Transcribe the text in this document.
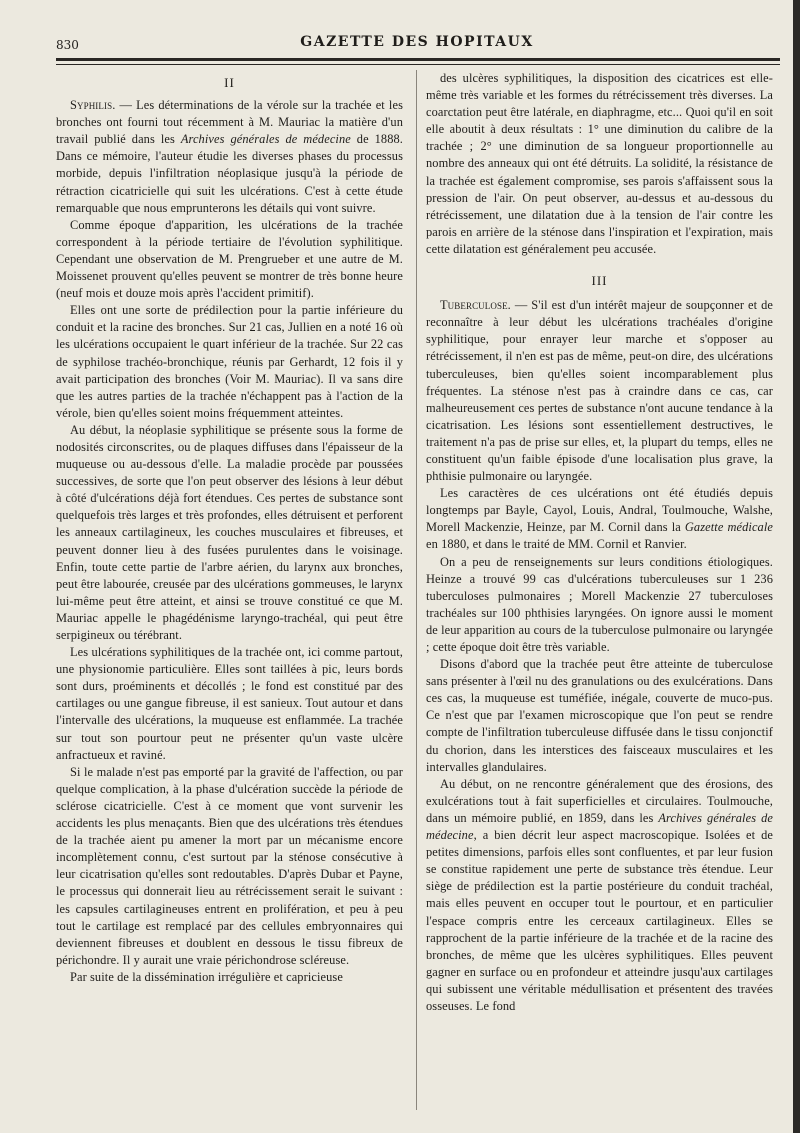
830	GAZETTE DES HOPITAUX
II

Syphilis. — Les déterminations de la vérole sur la trachée et les bronches ont fourni tout récemment à M. Mauriac la matière d'un travail publié dans les Archives générales de médecine de 1888. Dans ce mémoire, l'auteur étudie les diverses phases du processus morbide, depuis l'infiltration néoplasique jusqu'à la période de rétraction cicatricielle qui suit les ulcérations. C'est à cette étude remarquable que nous emprunterons les détails qui vont suivre.

Comme époque d'apparition, les ulcérations de la trachée correspondent à la période tertiaire de l'évolution syphilitique. Cependant une observation de M. Prengrueber et une autre de M. Moissenet prouvent qu'elles peuvent se montrer de très bonne heure (neuf mois et douze mois après l'accident primitif).

Elles ont une sorte de prédilection pour la partie inférieure du conduit et la racine des bronches. Sur 21 cas, Jullien en a noté 16 où les ulcérations occupaient le quart inférieur de la trachée. Sur 22 cas de syphilose trachéo-bronchique, réunis par Gerhardt, 12 fois il y avait participation des bronches (Voir M. Mauriac). Il va sans dire que les autres parties de la trachée n'échappent pas à l'action de la vérole, bien qu'elles soient moins fréquemment atteintes.

Au début, la néoplasie syphilitique se présente sous la forme de nodosités circonscrites, ou de plaques diffuses dans l'épaisseur de la muqueuse ou au-dessous d'elle. La maladie procède par poussées successives, de sorte que l'on peut observer des lésions à leur début à côté d'ulcérations déjà fort étendues. Ces pertes de substance sont quelquefois très larges et très profondes, elles détruisent et perforent les anneaux cartilagineux, les couches musculaires et fibreuses, et peuvent donner lieu à des fusées purulentes dans le voisinage. Enfin, toute cette partie de l'arbre aérien, du larynx aux bronches, peut être labourée, creusée par des ulcérations gommeuses, le larynx lui-même peut être atteint, et ainsi se trouve constitué ce que M. Mauriac appelle le phagédénisme laryngo-trachéal, qui peut être serpigineux ou térébrant.

Les ulcérations syphilitiques de la trachée ont, ici comme partout, une physionomie particulière. Elles sont taillées à pic, leurs bords sont durs, proéminents et décollés ; le fond est constitué par des cartilages ou une gangue fibreuse, il est sanieux. Tout autour et dans l'intervalle des ulcérations, la muqueuse est enflammée. La trachée sur tout son pourtour peut ne présenter qu'un vaste ulcère anfractueux et raviné.

Si le malade n'est pas emporté par la gravité de l'affection, ou par quelque complication, à la phase d'ulcération succède la période de sclérose cicatricielle. C'est à ce moment que vont survenir les accidents les plus menaçants. Bien que des ulcérations très étendues de la trachée aient pu amener la mort par un mécanisme encore incomplètement connu, c'est surtout par la sténose consécutive à leur cicatrisation qu'elles sont redoutables. D'après Dubar et Payne, le processus qui donnerait lieu au rétrécissement serait le suivant : les capsules cartilagineuses entrent en prolifération, et peu à peu tout le cartilage est remplacé par des cellules embryonnaires qui deviennent fibreuses et doublent en dessous le tissu fibreux de périchondre. Il y aurait une vraie périchondrose scléreuse.

Par suite de la dissémination irrégulière et capricieuse

des ulcères syphilitiques, la disposition des cicatrices est elle-même très variable et les formes du rétrécissement très diverses. La coarctation peut être latérale, en diaphragme, etc... Quoi qu'il en soit elle aboutit à deux résultats : 1° une diminution du calibre de la trachée ; 2° une diminution de sa longueur proportionnelle au nombre des anneaux qui ont été détruits. La solidité, la résistance de la trachée est également compromise, ses parois s'affaissent sous la pression de l'air. On peut observer, au-dessus et au-dessous du rétrécissement, une dilatation due à la tension de l'air contre les parois en arrière de la sténose dans l'inspiration et l'expiration, mais cette dilatation est généralement peu accusée.

III

Tuberculose. — S'il est d'un intérêt majeur de soupçonner et de reconnaître à leur début les ulcérations trachéales d'origine syphilitique, pour enrayer leur marche et s'opposer au rétrécissement, il n'en est pas de même, peut-on dire, des ulcérations tuberculeuses, bien qu'elles soient incomparablement plus fréquentes. La sténose n'est pas à craindre dans ce cas, car malheureusement ces pertes de substance n'ont aucune tendance à la cicatrisation. Les lésions sont essentiellement destructives, le traitement n'a pas de prise sur elles, et, la plupart du temps, elles ne constituent qu'un faible épisode d'une localisation plus grave, la phthisie pulmonaire ou laryngée.

Les caractères de ces ulcérations ont été étudiés depuis longtemps par Bayle, Cayol, Louis, Andral, Toulmouche, Walshe, Morell Mackenzie, Heinze, par M. Cornil dans la Gazette médicale en 1880, et dans le traité de MM. Cornil et Ranvier.

On a peu de renseignements sur leurs conditions étiologiques. Heinze a trouvé 99 cas d'ulcérations tuberculeuses sur 1 236 tuberculoses pulmonaires ; Morell Mackenzie 27 tuberculoses trachéales sur 100 phthisies laryngées. On ignore aussi le moment de leur apparition au cours de la tuberculose pulmonaire ou laryngée ; cette époque doit être très variable.

Disons d'abord que la trachée peut être atteinte de tuberculose sans présenter à l'œil nu des granulations ou des exulcérations. Dans ces cas, la muqueuse est tuméfiée, inégale, couverte de muco-pus. Ce n'est que par l'examen microscopique que l'on peut se rendre compte de l'infiltration tuberculeuse diffusée dans le tissu conjonctif du chorion, dans les interstices des faisceaux musculaires et les intervalles glandulaires.

Au début, on ne rencontre généralement que des érosions, des exulcérations tout à fait superficielles et circulaires. Toulmouche, dans un mémoire publié, en 1859, dans les Archives générales de médecine, a bien décrit leur aspect macroscopique. Isolées et de petites dimensions, parfois elles sont confluentes, et par leur fusion se constitue rapidement une perte de substance très étendue. Leur siège de prédilection est la partie postérieure du conduit trachéal, mais elles peuvent en occuper tout le pourtour, et en particulier l'espace compris entre les cerceaux cartilagineux. Elles se rapprochent de la partie inférieure de la trachée et de la racine des bronches, de même que les ulcères syphilitiques. Elles peuvent gagner en surface ou en profondeur et atteindre jusqu'aux cartilages qui subissent une véritable médullisation et présentent des travées osseuses. Le fond
